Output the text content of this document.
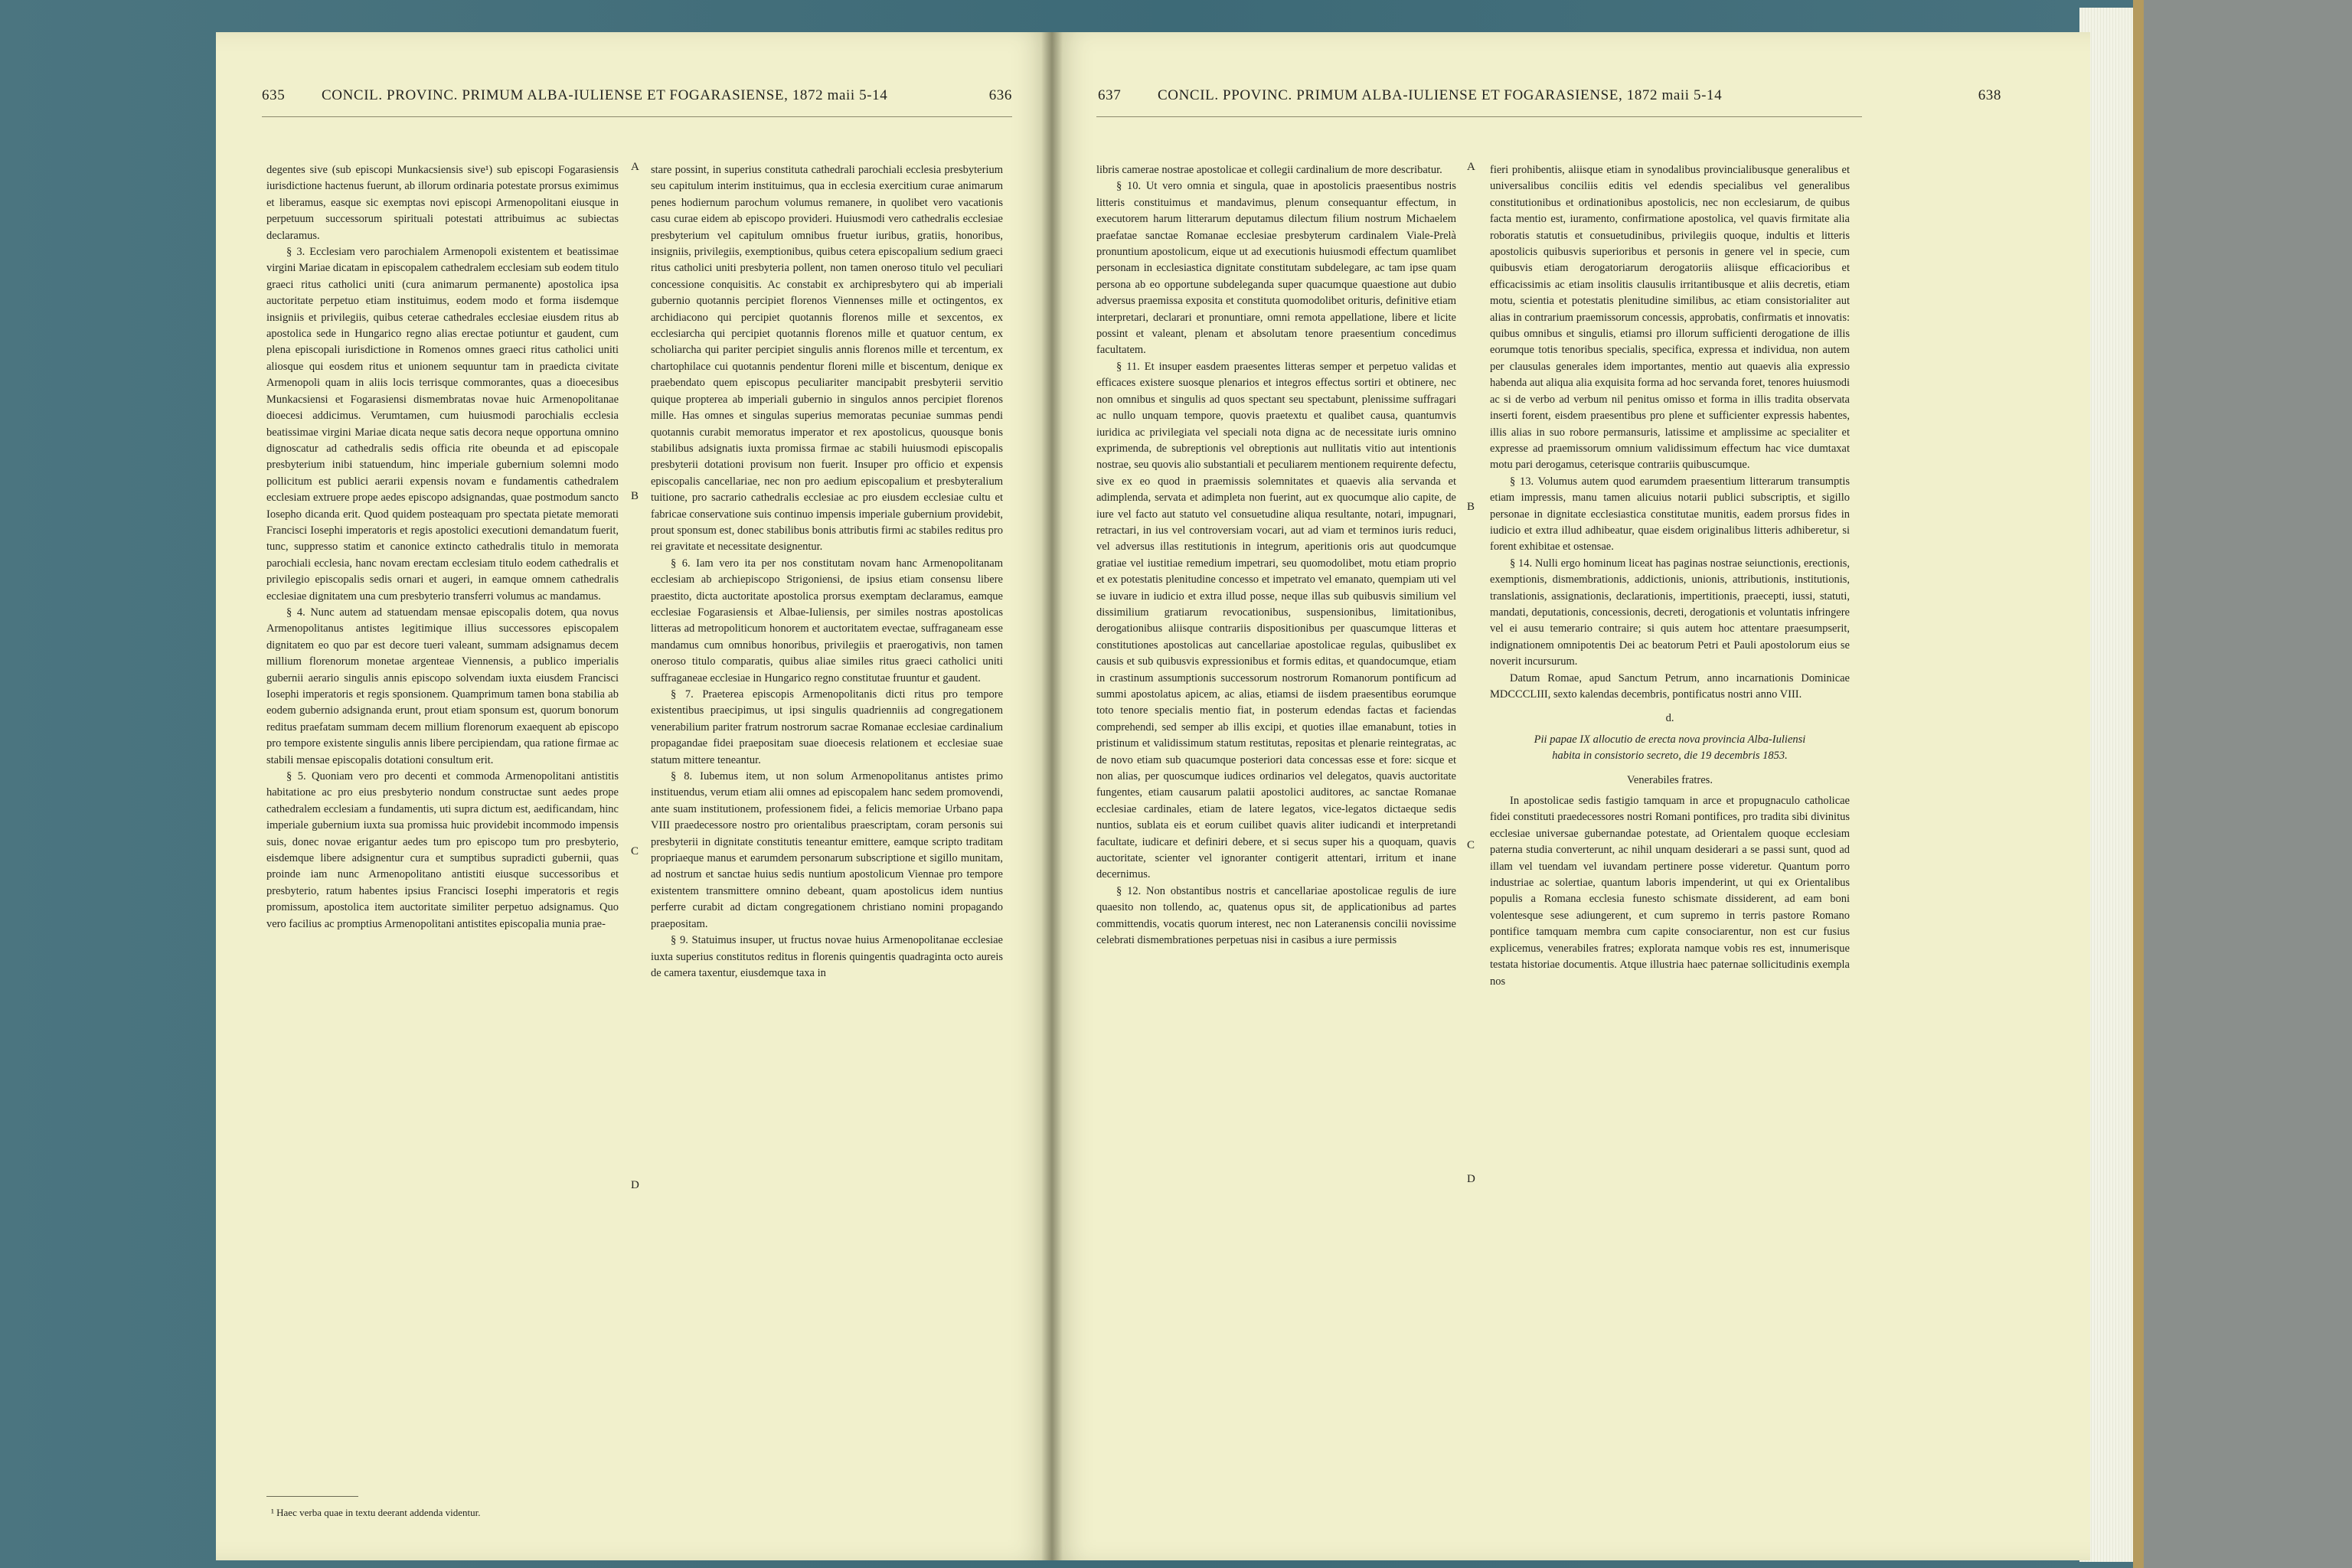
635	CONCIL. PROVINC. PRIMUM ALBA-IULIENSE ET FOGARASIENSE, 1872 maii 5-14	636

degentes sive (sub episcopi Munkacsiensis sive¹) sub episcopi Fogarasiensis iurisdictione hactenus fuerunt, ab illorum ordinaria potestate prorsus eximimus et liberamus, easque sic exemptas novi episcopi Armenopolitani eiusque in perpetuum successorum spirituali potestati attribuimus ac subiectas declaramus.

§ 3. Ecclesiam vero parochialem Armenopoli existentem et beatissimae virgini Mariae dicatam in episcopalem cathedralem ecclesiam sub eodem titulo graeci ritus catholici uniti (cura animarum permanente) apostolica ipsa auctoritate perpetuo etiam instituimus, eodem modo et forma iisdemque insigniis et privilegiis, quibus ceterae cathedrales ecclesiae eiusdem ritus ab apostolica sede in Hungarico regno alias erectae potiuntur et gaudent, cum plena episcopali iurisdictione in Romenos omnes graeci ritus catholici uniti aliosque qui eosdem ritus et unionem sequuntur tam in praedicta civitate Armenopoli quam in aliis locis terrisque commorantes, quas a dioecesibus Munkacsiensi et Fogarasiensi dismembratas novae huic Armenopolitanae dioecesi addicimus. Verumtamen, cum huiusmodi parochialis ecclesia beatissimae virgini Mariae dicata neque satis decora neque opportuna omnino dignoscatur ad cathedralis sedis officia rite obeunda et ad episcopale presbyterium inibi statuendum, hinc imperiale gubernium solemni modo pollicitum est publici aerarii expensis novam e fundamentis cathedralem ecclesiam extruere prope aedes episcopo adsignandas, quae postmodum sancto Iosepho dicanda erit. Quod quidem posteaquam pro spectata pietate memorati Francisci Iosephi imperatoris et regis apostolici executioni demandatum fuerit, tunc, suppresso statim et canonice extincto cathedralis titulo in memorata parochiali ecclesia, hanc novam erectam ecclesiam titulo eodem cathedralis et privilegio episcopalis sedis ornari et augeri, in eamque omnem cathedralis ecclesiae dignitatem una cum presbyterio transferri volumus ac mandamus.

§ 4. Nunc autem ad statuendam mensae episcopalis dotem, qua novus Armenopolitanus antistes legitimique illius successores episcopalem dignitatem eo quo par est decore tueri valeant, summam adsignamus decem millium florenorum monetae argenteae Viennensis, a publico imperialis gubernii aerario singulis annis episcopo solvendam iuxta eiusdem Francisci Iosephi imperatoris et regis sponsionem. Quamprimum tamen bona stabilia ab eodem gubernio adsignanda erunt, prout etiam sponsum est, quorum bonorum reditus praefatam summam decem millium florenorum exaequent ab episcopo pro tempore existente singulis annis libere percipiendam, qua ratione firmae ac stabili mensae episcopalis dotationi consultum erit.

§ 5. Quoniam vero pro decenti et commoda Armenopolitani antistitis habitatione ac pro eius presbyterio nondum constructae sunt aedes prope cathedralem ecclesiam a fundamentis, uti supra dictum est, aedificandam, hinc imperiale gubernium iuxta sua promissa huic providebit incommodo impensis suis, donec novae erigantur aedes tum pro episcopo tum pro presbyterio, eisdemque libere adsignentur cura et sumptibus supradicti gubernii, quas proinde iam nunc Armenopolitano antistiti eiusque successoribus et presbyterio, ratum habentes ipsius Francisci Iosephi imperatoris et regis promissum, apostolica item auctoritate similiter perpetuo adsignamus. Quo vero facilius ac promptius Armenopolitani antistites episcopalia munia prae-

stare possint, in superius constituta cathedrali parochiali ecclesia presbyterium seu capitulum interim instituimus, qua in ecclesia exercitium curae animarum penes hodiernum parochum volumus remanere, in quolibet vero vacationis casu curae eidem ab episcopo provideri. Huiusmodi vero cathedralis ecclesiae presbyterium vel capitulum omnibus fruetur iuribus, gratiis, honoribus, insigniis, privilegiis, exemptionibus, quibus cetera episcopalium sedium graeci ritus catholici uniti presbyteria pollent, non tamen oneroso titulo vel peculiari concessione conquisitis. Ac constabit ex archipresbytero qui ab imperiali gubernio quotannis percipiet florenos Viennenses mille et octingentos, ex archidiacono qui percipiet quotannis florenos mille et sexcentos, ex ecclesiarcha qui percipiet quotannis florenos mille et quatuor centum, ex scholiarcha qui pariter percipiet singulis annis florenos mille et tercentum, ex chartophilace cui quotannis pendentur floreni mille et biscentum, denique ex praebendato quem episcopus peculiariter mancipabit presbyterii servitio quique propterea ab imperiali gubernio in singulos annos percipiet florenos mille. Has omnes et singulas superius memoratas pecuniae summas pendi quotannis curabit memoratus imperator et rex apostolicus, quousque bonis stabilibus adsignatis iuxta promissa firmae ac stabili huiusmodi episcopalis presbyterii dotationi provisum non fuerit. Insuper pro officio et expensis episcopalis cancellariae, nec non pro aedium episcopalium et presbyteralium tuitione, pro sacrario cathedralis ecclesiae ac pro eiusdem ecclesiae cultu et fabricae conservatione suis continuo impensis imperiale gubernium providebit, prout sponsum est, donec stabilibus bonis attributis firmi ac stabiles reditus pro rei gravitate et necessitate designentur.

§ 6. Iam vero ita per nos constitutam novam hanc Armenopolitanam ecclesiam ab archiepiscopo Strigoniensi, de ipsius etiam consensu libere praestito, dicta auctoritate apostolica prorsus exemptam declaramus, eamque ecclesiae Fogarasiensis et Albae-Iuliensis, per similes nostras apostolicas litteras ad metropoliticum honorem et auctoritatem evectae, suffraganeam esse mandamus cum omnibus honoribus, privilegiis et praerogativis, non tamen oneroso titulo comparatis, quibus aliae similes ritus graeci catholici uniti suffraganeae ecclesiae in Hungarico regno constitutae fruuntur et gaudent.

§ 7. Praeterea episcopis Armenopolitanis dicti ritus pro tempore existentibus praecipimus, ut ipsi singulis quadrienniis ad congregationem venerabilium pariter fratrum nostrorum sacrae Romanae ecclesiae cardinalium propagandae fidei praepositam suae dioecesis relationem et ecclesiae suae statum mittere teneantur.

§ 8. Iubemus item, ut non solum Armenopolitanus antistes primo instituendus, verum etiam alii omnes ad episcopalem hanc sedem promovendi, ante suam institutionem, professionem fidei, a felicis memoriae Urbano papa VIII praedecessore nostro pro orientalibus praescriptam, coram personis sui presbyterii in dignitate constitutis teneantur emittere, eamque scripto traditam propriaeque manus et earumdem personarum subscriptione et sigillo munitam, ad nostrum et sanctae huius sedis nuntium apostolicum Viennae pro tempore existentem transmittere omnino debeant, quam apostolicus idem nuntius perferre curabit ad dictam congregationem christiano nomini propagando praepositam.

§ 9. Statuimus insuper, ut fructus novae huius Armenopolitanae ecclesiae iuxta superius constitutos reditus in florenis quingentis quadraginta octo aureis de camera taxentur, eiusdemque taxa in

A
B
C
D
¹ Haec verba quae in textu deerant addenda videntur.
637	CONCIL. PPOVINC. PRIMUM ALBA-IULIENSE ET FOGARASIENSE, 1872 maii 5-14	638

libris camerae nostrae apostolicae et collegii cardinalium de more describatur.

§ 10. Ut vero omnia et singula, quae in apostolicis praesentibus nostris litteris constituimus et mandavimus, plenum consequantur effectum, in executorem harum litterarum deputamus dilectum filium nostrum Michaelem praefatae sanctae Romanae ecclesiae presbyterum cardinalem Viale-Prelà pronuntium apostolicum, eique ut ad executionis huiusmodi effectum quamlibet personam in ecclesiastica dignitate constitutam subdelegare, ac tam ipse quam persona ab eo opportune subdeleganda super quacumque quaestione aut dubio adversus praemissa exposita et constituta quomodolibet orituris, definitive etiam interpretari, declarari et pronuntiare, omni remota appellatione, libere et licite possint et valeant, plenam et absolutam tenore praesentium concedimus facultatem.

§ 11. Et insuper easdem praesentes litteras semper et perpetuo validas et efficaces existere suosque plenarios et integros effectus sortiri et obtinere, nec non omnibus et singulis ad quos spectant seu spectabunt, plenissime suffragari ac nullo unquam tempore, quovis praetextu et qualibet causa, quantumvis iuridica ac privilegiata vel speciali nota digna ac de necessitate iuris omnino exprimenda, de subreptionis vel obreptionis aut nullitatis vitio aut intentionis nostrae, seu quovis alio substantiali et peculiarem mentionem requirente defectu, sive ex eo quod in praemissis solemnitates et quaevis alia servanda et adimplenda, servata et adimpleta non fuerint, aut ex quocumque alio capite, de iure vel facto aut statuto vel consuetudine aliqua resultante, notari, impugnari, retractari, in ius vel controversiam vocari, aut ad viam et terminos iuris reduci, vel adversus illas restitutionis in integrum, aperitionis oris aut quodcumque gratiae vel iustitiae remedium impetrari, seu quomodolibet, motu etiam proprio et ex potestatis plenitudine concesso et impetrato vel emanato, quempiam uti vel se iuvare in iudicio et extra illud posse, neque illas sub quibusvis similium vel dissimilium gratiarum revocationibus, suspensionibus, limitationibus, derogationibus aliisque contrariis dispositionibus per quascumque litteras et constitutiones apostolicas aut cancellariae apostolicae regulas, quibuslibet ex causis et sub quibusvis expressionibus et formis editas, et quandocumque, etiam in crastinum assumptionis successorum nostrorum Romanorum pontificum ad summi apostolatus apicem, ac alias, etiamsi de iisdem praesentibus eorumque toto tenore specialis mentio fiat, in posterum edendas factas et faciendas comprehendi, sed semper ab illis excipi, et quoties illae emanabunt, toties in pristinum et validissimum statum restitutas, repositas et plenarie reintegratas, ac de novo etiam sub quacumque posteriori data concessas esse et fore: sicque et non alias, per quoscumque iudices ordinarios vel delegatos, quavis auctoritate fungentes, etiam causarum palatii apostolici auditores, ac sanctae Romanae ecclesiae cardinales, etiam de latere legatos, vice-legatos dictaeque sedis nuntios, sublata eis et eorum cuilibet quavis aliter iudicandi et interpretandi facultate, iudicare et definiri debere, et si secus super his a quoquam, quavis auctoritate, scienter vel ignoranter contigerit attentari, irritum et inane decernimus.

§ 12. Non obstantibus nostris et cancellariae apostolicae regulis de iure quaesito non tollendo, ac, quatenus opus sit, de applicationibus ad partes committendis, vocatis quorum interest, nec non Lateranensis concilii novissime celebrati dismembrationes perpetuas nisi in casibus a iure permissis

fieri prohibentis, aliisque etiam in synodalibus provincialibusque generalibus et universalibus conciliis editis vel edendis specialibus vel generalibus constitutionibus et ordinationibus apostolicis, nec non ecclesiarum, de quibus facta mentio est, iuramento, confirmatione apostolica, vel quavis firmitate alia roboratis statutis et consuetudinibus, privilegiis quoque, indultis et litteris apostolicis quibusvis superioribus et personis in genere vel in specie, cum quibusvis etiam derogatoriarum derogatoriis aliisque efficacioribus et efficacissimis ac etiam insolitis clausulis irritantibusque et aliis decretis, etiam motu, scientia et potestatis plenitudine similibus, ac etiam consistorialiter aut alias in contrarium praemissorum concessis, approbatis, confirmatis et innovatis: quibus omnibus et singulis, etiamsi pro illorum sufficienti derogatione de illis eorumque totis tenoribus specialis, specifica, expressa et individua, non autem per clausulas generales idem importantes, mentio aut quaevis alia expressio habenda aut aliqua alia exquisita forma ad hoc servanda foret, tenores huiusmodi ac si de verbo ad verbum nil penitus omisso et forma in illis tradita observata inserti forent, eisdem praesentibus pro plene et sufficienter expressis habentes, illis alias in suo robore permansuris, latissime et amplissime ac specialiter et expresse ad praemissorum omnium validissimum effectum hac vice dumtaxat motu pari derogamus, ceterisque contrariis quibuscumque.

§ 13. Volumus autem quod earumdem praesentium litterarum transumptis etiam impressis, manu tamen alicuius notarii publici subscriptis, et sigillo personae in dignitate ecclesiastica constitutae munitis, eadem prorsus fides in iudicio et extra illud adhibeatur, quae eisdem originalibus litteris adhiberetur, si forent exhibitae et ostensae.

§ 14. Nulli ergo hominum liceat has paginas nostrae seiunctionis, erectionis, exemptionis, dismembrationis, addictionis, unionis, attributionis, institutionis, translationis, assignationis, declarationis, impertitionis, praecepti, iussi, statuti, mandati, deputationis, concessionis, decreti, derogationis et voluntatis infringere vel ei ausu temerario contraire; si quis autem hoc attentare praesumpserit, indignationem omnipotentis Dei ac beatorum Petri et Pauli apostolorum eius se noverit incursurum.

Datum Romae, apud Sanctum Petrum, anno incarnationis Dominicae MDCCCLIII, sexto kalendas decembris, pontificatus nostri anno VIII.

d.

Pii papae IX allocutio de erecta nova provincia Alba-Iuliensi habita in consistorio secreto, die 19 decembris 1853.

Venerabiles fratres.

In apostolicae sedis fastigio tamquam in arce et propugnaculo catholicae fidei constituti praedecessores nostri Romani pontifices, pro tradita sibi divinitus ecclesiae universae gubernandae potestate, ad Orientalem quoque ecclesiam paterna studia converterunt, ac nihil unquam desiderari a se passi sunt, quod ad illam vel tuendam vel iuvandam pertinere posse videretur. Quantum porro industriae ac solertiae, quantum laboris impenderint, ut qui ex Orientalibus populis a Romana ecclesia funesto schismate dissiderent, ad eam boni volentesque sese adiungerent, et cum supremo in terris pastore Romano pontifice tamquam membra cum capite consociarentur, non est cur fusius explicemus, venerabiles fratres; explorata namque vobis res est, innumerisque testata historiae documentis. Atque illustria haec paternae sollicitudinis exempla nos

A
B
C
D
